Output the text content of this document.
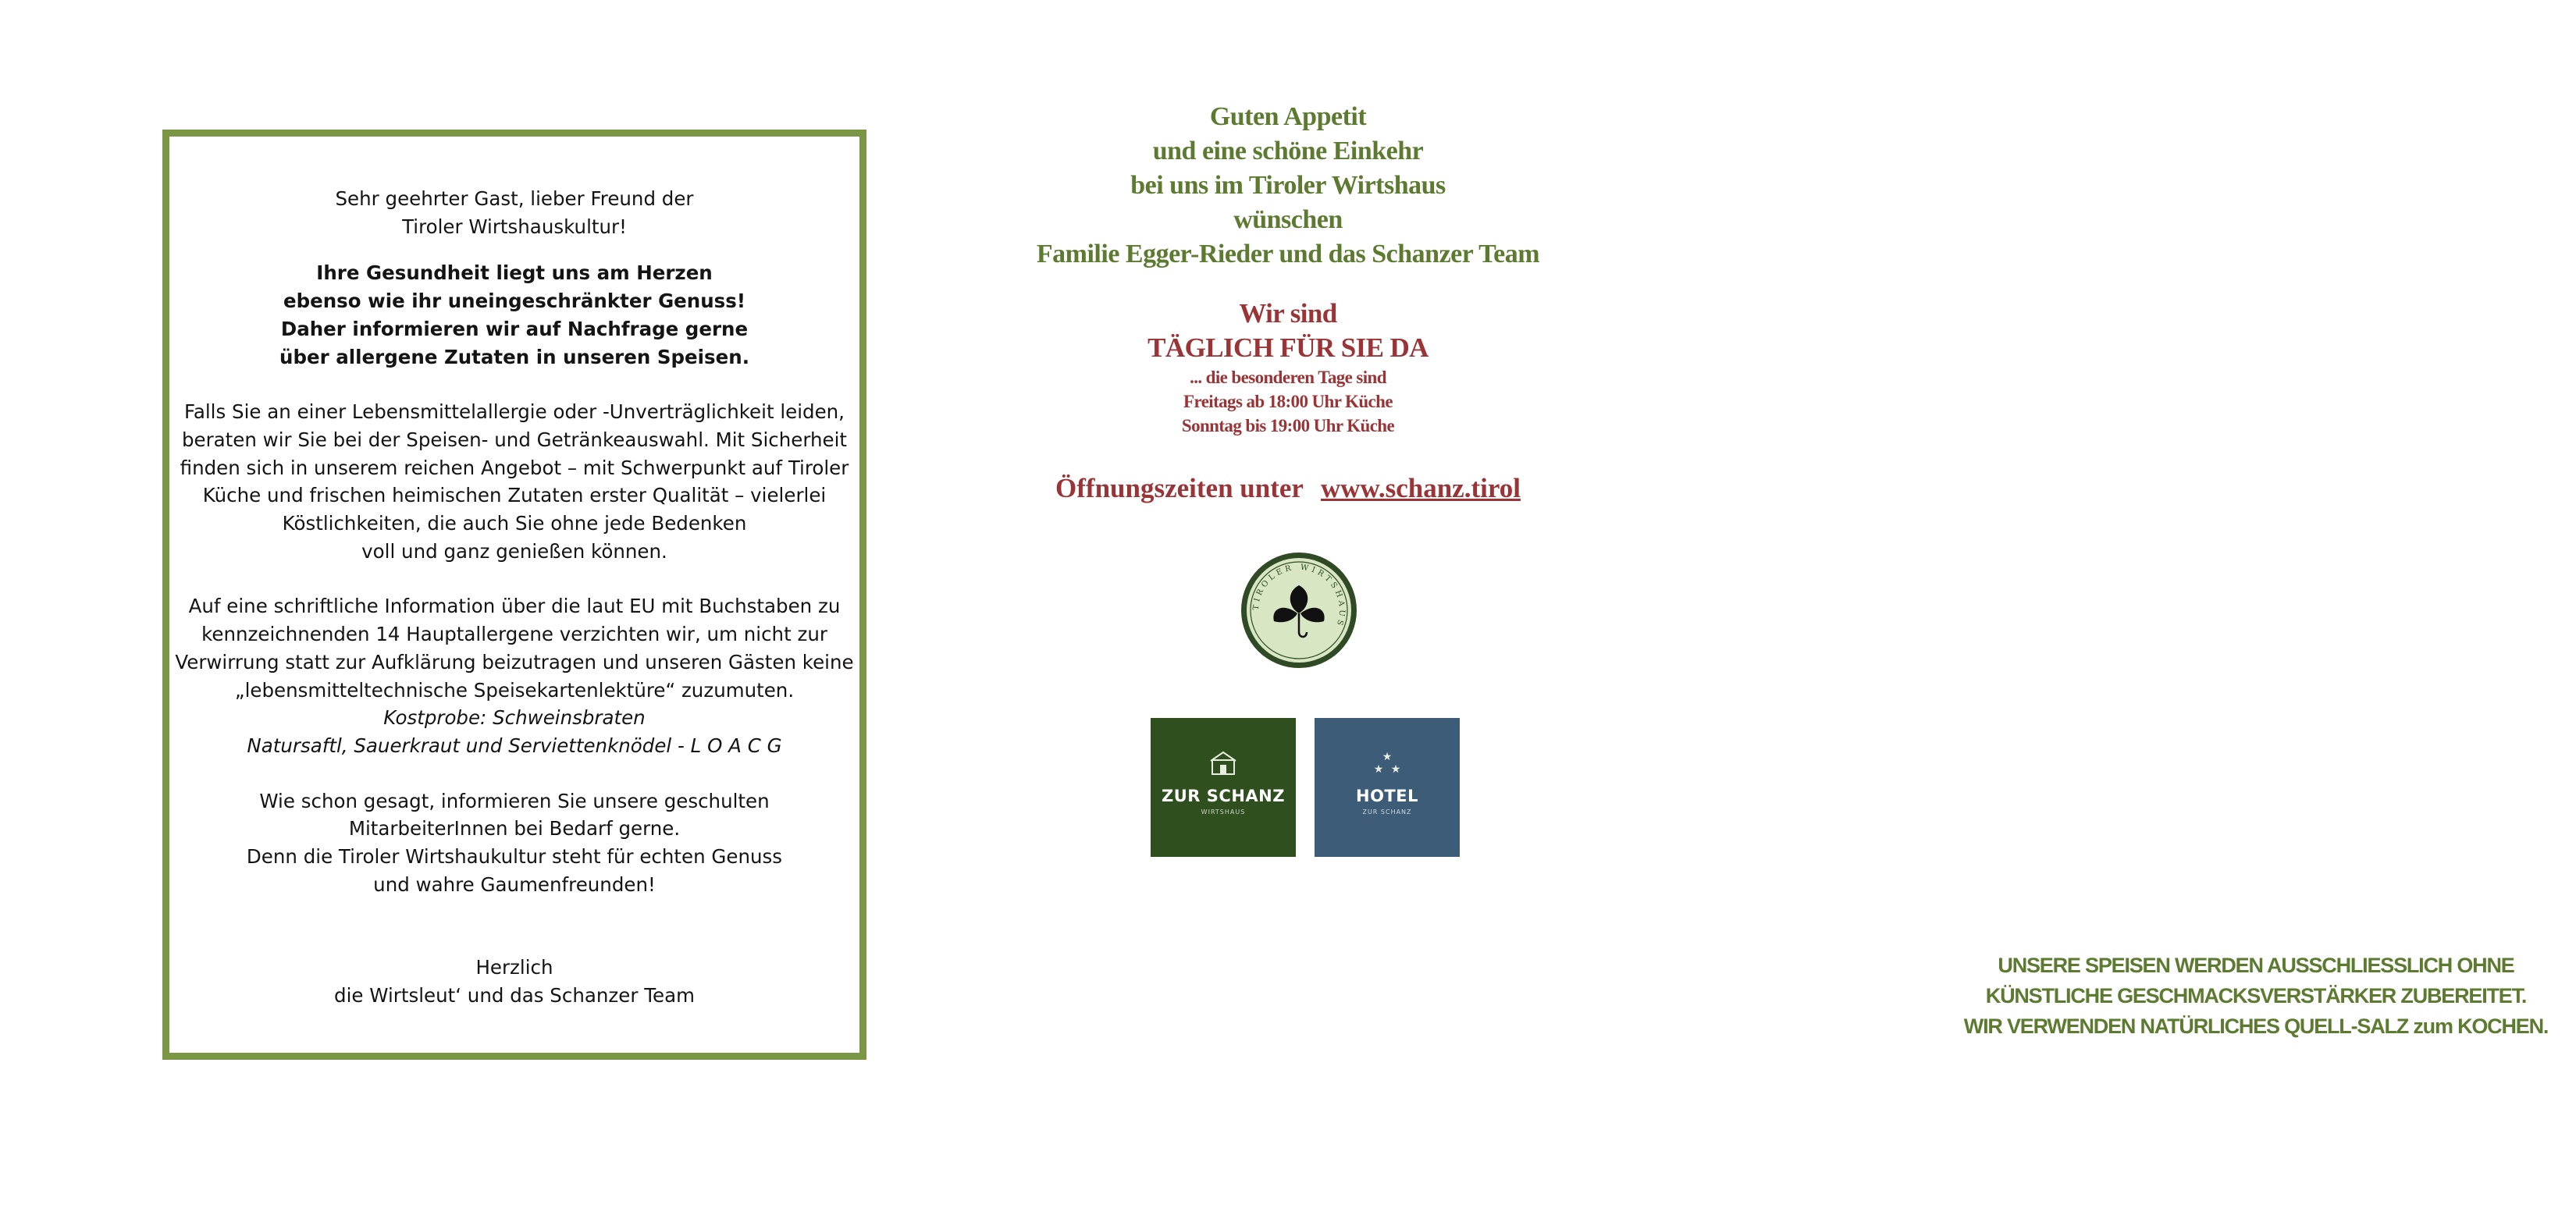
Sehr geehrter Gast, lieber Freund der

Tiroler Wirtshauskultur!

Ihre Gesundheit liegt uns am Herzen

ebenso wie ihr uneingeschränkter Genuss!

Daher informieren wir auf Nachfrage gerne

über allergene Zutaten in unseren Speisen.

Falls Sie an einer Lebensmittelallergie oder -Unverträglichkeit leiden,

beraten wir Sie bei der Speisen- und Getränkeauswahl. Mit Sicherheit

finden sich in unserem reichen Angebot – mit Schwerpunkt auf Tiroler

Küche und frischen heimischen Zutaten erster Qualität – vielerlei

Köstlichkeiten, die auch Sie ohne jede Bedenken

voll und ganz genießen können.

Auf eine schriftliche Information über die laut EU mit Buchstaben zu

kennzeichnenden 14 Hauptallergene verzichten wir, um nicht zur

Verwirrung statt zur Aufklärung beizutragen und unseren Gästen keine

„lebensmitteltechnische Speisekartenlektüre“ zuzumuten.

Kostprobe: Schweinsbraten

Natursaftl, Sauerkraut und Serviettenknödel - L O A C G

Wie schon gesagt, informieren Sie unsere geschulten

MitarbeiterInnen bei Bedarf gerne.

Denn die Tiroler Wirtshaukultur steht für echten Genuss

und wahre Gaumenfreunden!

Herzlich

die Wirtsleut‘ und das Schanzer Team

Guten Appetit
und eine schöne Einkehr
bei uns im Tiroler Wirtshaus
wünschen
Familie Egger-Rieder und das Schanzer Team
Wir sind
TÄGLICH FÜR SIE DA
... die besonderen Tage sind
Freitags ab 18:00 Uhr Küche
Sonntag bis 19:00 Uhr Küche
Öffnungszeiten unter www.schanz.tirol
UNSERE SPEISEN WERDEN AUSSCHLIESSLICH OHNE
KÜNSTLICHE GESCHMACKSVERSTÄRKER ZUBEREITET.
WIR VERWENDEN NATÜRLICHES QUELL-SALZ zum KOCHEN.
TIROLER WIRTSHAUS
ZUR SCHANZ
WIRTSHAUS
★
★ ★
HOTEL
ZUR SCHANZ
